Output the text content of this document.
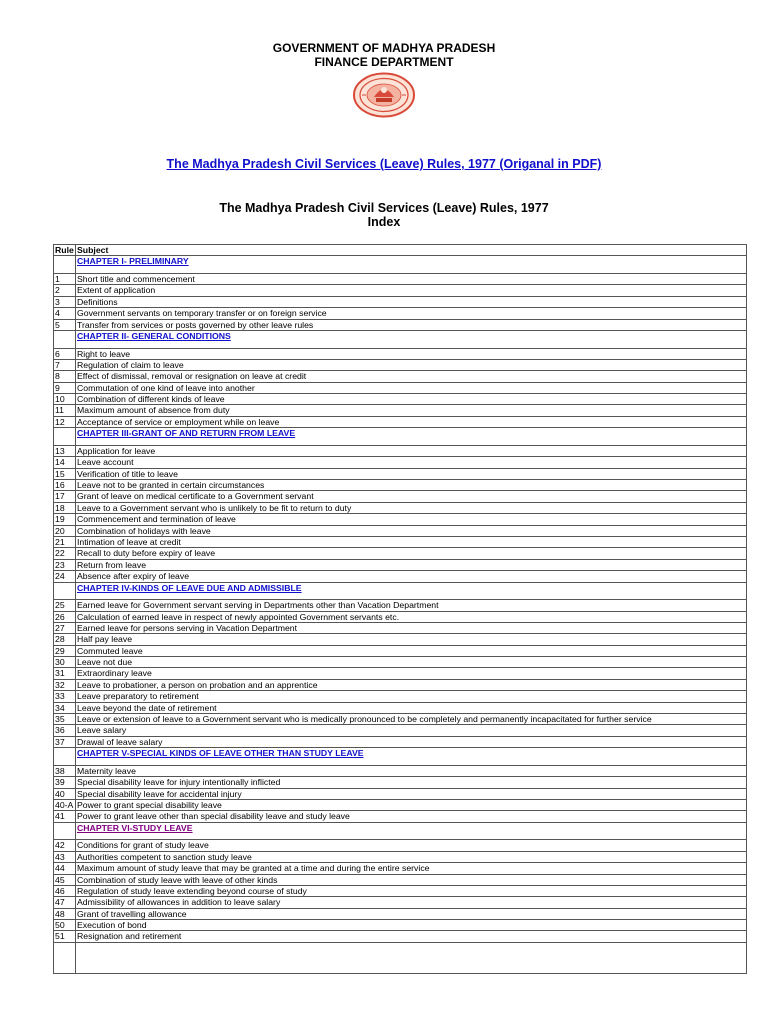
GOVERNMENT OF MADHYA PRADESH
FINANCE DEPARTMENT
The Madhya Pradesh Civil Services (Leave) Rules, 1977 (Origanal in PDF)
The Madhya Pradesh Civil Services (Leave) Rules, 1977
Index
Rule	Subject
	CHAPTER I- PRELIMINARY
1	Short title and commencement
2	Extent of application
3	Definitions
4	Government servants on temporary transfer or on foreign service
5	Transfer from services or posts governed by other leave rules
	CHAPTER II- GENERAL CONDITIONS
6	Right to leave
7	Regulation of claim to leave
8	Effect of dismissal, removal or resignation on leave at credit
9	Commutation of one kind of leave into another
10	Combination of different kinds of leave
11	Maximum amount of absence from duty
12	Acceptance of service or employment while on leave
	CHAPTER III-GRANT OF AND RETURN FROM LEAVE
13	Application for leave
14	Leave account
15	Verification of title to leave
16	Leave not to be granted in certain circumstances
17	Grant of leave on medical certificate to a Government servant
18	Leave to a Government servant who is unlikely to be fit to return to duty
19	Commencement and termination of leave
20	Combination of holidays with leave
21	Intimation of leave at credit
22	Recall to duty before expiry of leave
23	Return from leave
24	Absence after expiry of leave
	CHAPTER IV-KINDS OF LEAVE DUE AND ADMISSIBLE
25	Earned leave for Government servant serving in Departments other than Vacation Department
26	Calculation of earned leave in respect of newly appointed Government servants etc.
27	Earned leave for persons serving in Vacation Department
28	Half pay leave
29	Commuted leave
30	Leave not due
31	Extraordinary leave
32	Leave to probationer, a person on probation and an apprentice
33	Leave preparatory to retirement
34	Leave beyond the date of retirement
35	Leave or extension of leave to a Government servant who is medically pronounced to be completely and permanently incapacitated for further service
36	Leave salary
37	Drawal of leave salary
	CHAPTER V-SPECIAL KINDS OF LEAVE OTHER THAN STUDY LEAVE
38	Maternity leave
39	Special disability leave for injury intentionally inflicted
40	Special disability leave for accidental injury
40-A	Power to grant special disability leave
41	Power to grant leave other than special disability leave and study leave
	CHAPTER VI-STUDY LEAVE
42	Conditions for grant of study leave
43	Authorities competent to sanction study leave
44	Maximum amount of study leave that may be granted at a time and during the entire service
45	Combination of study leave with leave of other kinds
46	Regulation of study leave extending beyond course of study
47	Admissibility of allowances in addition to leave salary
48	Grant of travelling allowance
50	Execution of bond
51	Resignation and retirement
